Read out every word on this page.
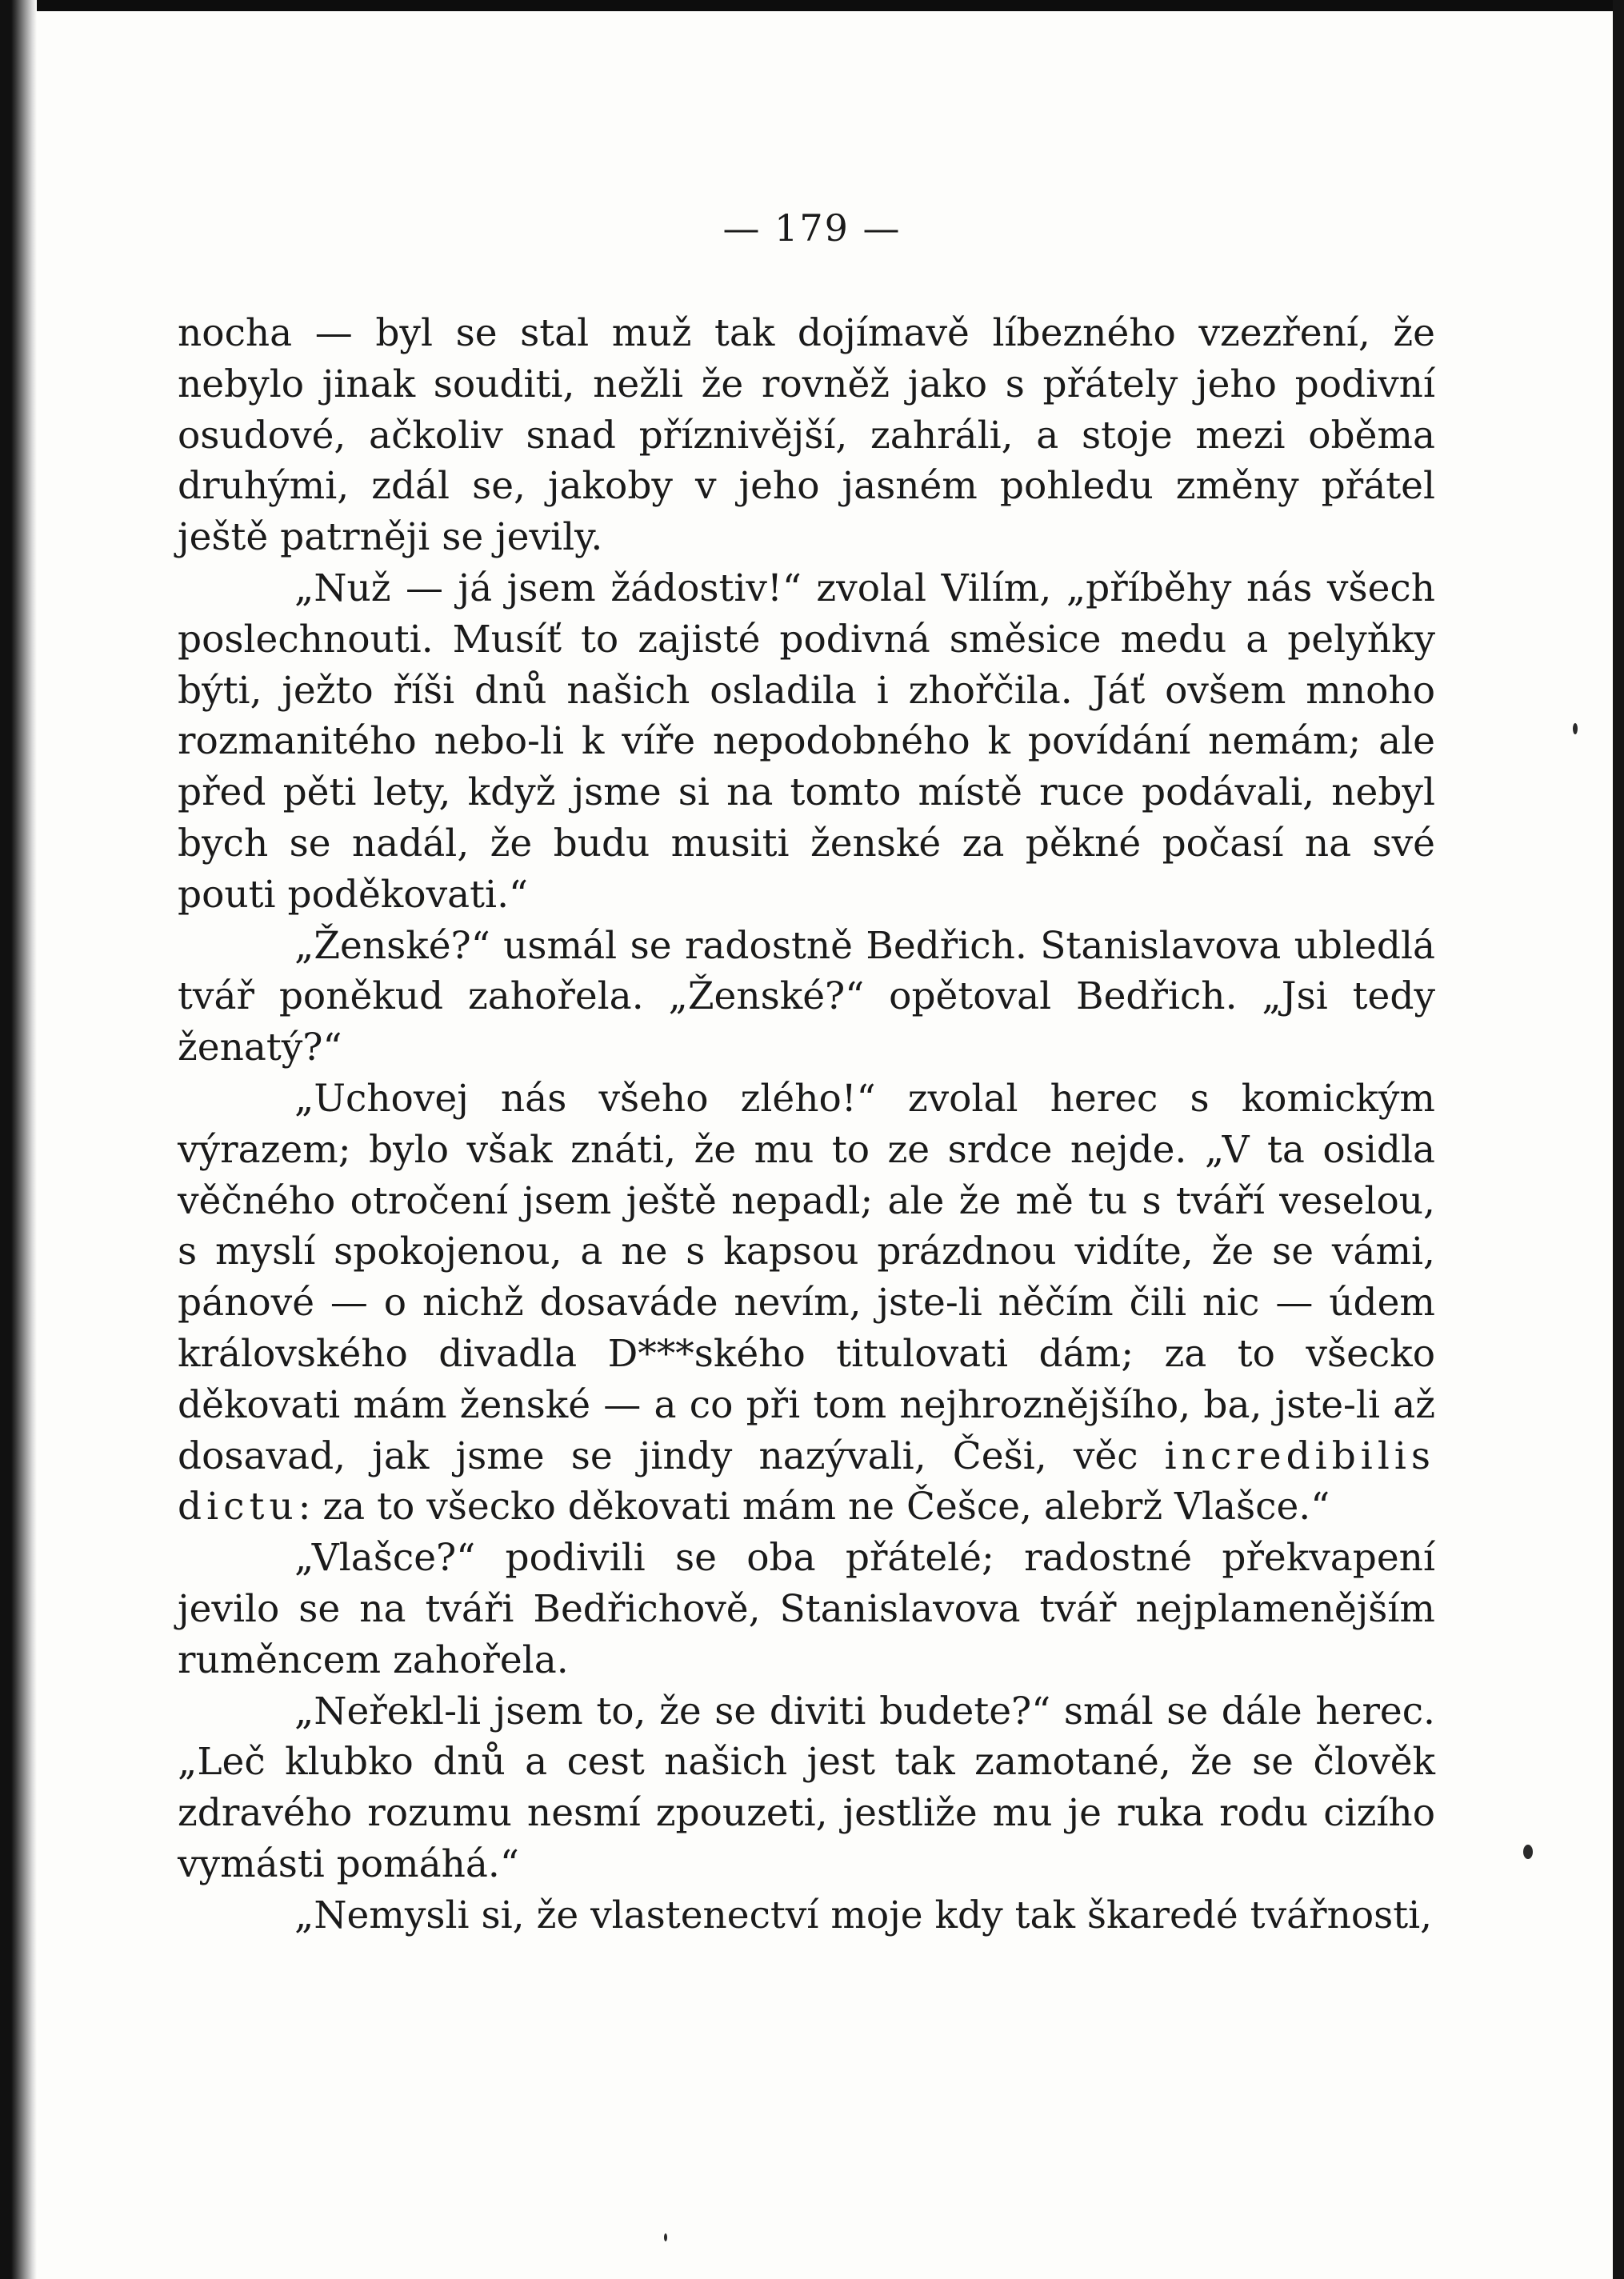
— 179 —

nocha — byl se stal muž tak dojímavě líbezného vzezření, že nebylo jinak souditi, nežli že rovněž jako s přátely jeho podivní osudové, ačkoliv snad příznivější, zahráli, a stoje mezi oběma druhými, zdál se, jakoby v jeho jasném pohledu změny přátel ještě patrněji se jevily.

„Nuž — já jsem žádostiv!“ zvolal Vilím, „příběhy nás všech poslechnouti. Musíť to zajisté podivná směsice medu a pelyňky býti, ježto říši dnů našich osladila i zhořčila. Jáť ovšem mnoho rozmanitého nebo-li k víře nepodobného k povídání nemám; ale před pěti lety, když jsme si na tomto místě ruce podávali, nebyl bych se nadál, že budu musiti ženské za pěkné počasí na své pouti poděkovati.“

„Ženské?“ usmál se radostně Bedřich. Stanislavova ubledlá tvář poněkud zahořela. „Ženské?“ opětoval Bedřich. „Jsi tedy ženatý?“

„Uchovej nás všeho zlého!“ zvolal herec s komickým výrazem; bylo však znáti, že mu to ze srdce nejde. „V ta osidla věčného otročení jsem ještě nepadl; ale že mě tu s tváří veselou, s myslí spokojenou, a ne s kapsou prázdnou vidíte, že se vámi, pánové — o nichž dosaváde nevím, jste-li něčím čili nic — údem královského divadla D***ského titulovati dám; za to všecko děkovati mám ženské — a co při tom nejhroznějšího, ba, jste-li až dosavad, jak jsme se jindy nazývali, Češi, věc incredibilis dictu: za to všecko děkovati mám ne Češce, alebrž Vlašce.“

„Vlašce?“ podivili se oba přátelé; radostné překvapení jevilo se na tváři Bedřichově, Stanislavova tvář nejplamenějším ruměncem zahořela.

„Neřekl-li jsem to, že se diviti budete?“ smál se dále herec. „Leč klubko dnů a cest našich jest tak zamotané, že se člověk zdravého rozumu nesmí zpouzeti, jestliže mu je ruka rodu cizího vymásti pomáhá.“

„Nemysli si, že vlastenectví moje kdy tak škaredé tvářnosti,
